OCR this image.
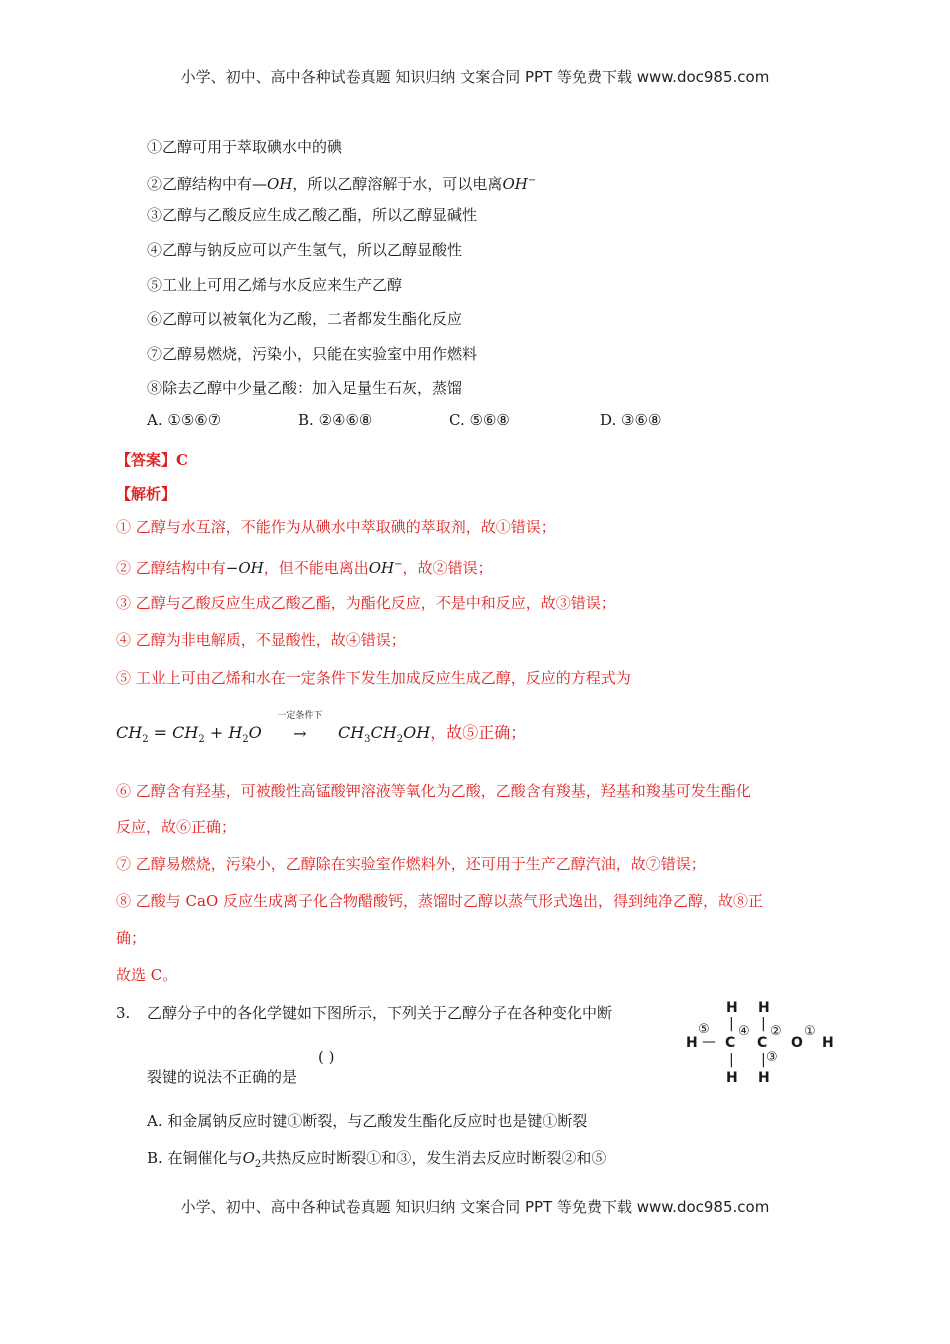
小学、初中、高中各种试卷真题 知识归纳 文案合同 PPT 等免费下载 www.doc985.com
①乙醇可用于萃取碘水中的碘
②乙醇结构中有—OH，所以乙醇溶解于水，可以电离OH−
③乙醇与乙酸反应生成乙酸乙酯，所以乙醇显碱性
④乙醇与钠反应可以产生氢气，所以乙醇显酸性
⑤工业上可用乙烯与水反应来生产乙醇
⑥乙醇可以被氧化为乙酸，二者都发生酯化反应
⑦乙醇易燃烧，污染小，只能在实验室中用作燃料
⑧除去乙醇中少量乙酸：加入足量生石灰，蒸馏
A. ①⑤⑥⑦	B. ②④⑥⑧	C. ⑤⑥⑧	D. ③⑥⑧
【答案】C
【解析】
① 乙醇与水互溶，不能作为从碘水中萃取碘的萃取剂，故①错误；
② 乙醇结构中有−OH，但不能电离出OH−，故②错误；
③ 乙醇与乙酸反应生成乙酸乙酯，为酯化反应，不是中和反应，故③错误；
④ 乙醇为非电解质，不显酸性，故④错误；
⑤ 工业上可由乙烯和水在一定条件下发生加成反应生成乙醇，反应的方程式为
$CH_2 = CH_2 + H_2O$
一定条件下
→ $CH_3CH_2OH$，故⑤正确；
⑥ 乙醇含有羟基，可被酸性高锰酸钾溶液等氧化为乙酸，乙酸含有羧基，羟基和羧基可发生酯化
反应，故⑥正确；
⑦ 乙醇易燃烧，污染小，乙醇除在实验室作燃料外，还可用于生产乙醇汽油，故⑦错误；
⑧ 乙酸与 CaO 反应生成离子化合物醋酸钙，蒸馏时乙醇以蒸气形式逸出，得到纯净乙醇，故⑧正
确；
故选 C。
3. 乙醇分子中的各化学键如下图所示，下列关于乙醇分子在各种变化中断
裂键的说法不正确的是
( )
H H
H
⑤
— C
④
C
②
O
①
H
| |
| | ③
H H
A. 和金属钠反应时键①断裂，与乙酸发生酯化反应时也是键①断裂
B. 在铜催化与$O_2$共热反应时断裂①和③，发生消去反应时断裂②和⑤
小学、初中、高中各种试卷真题 知识归纳 文案合同 PPT 等免费下载 www.doc985.com
